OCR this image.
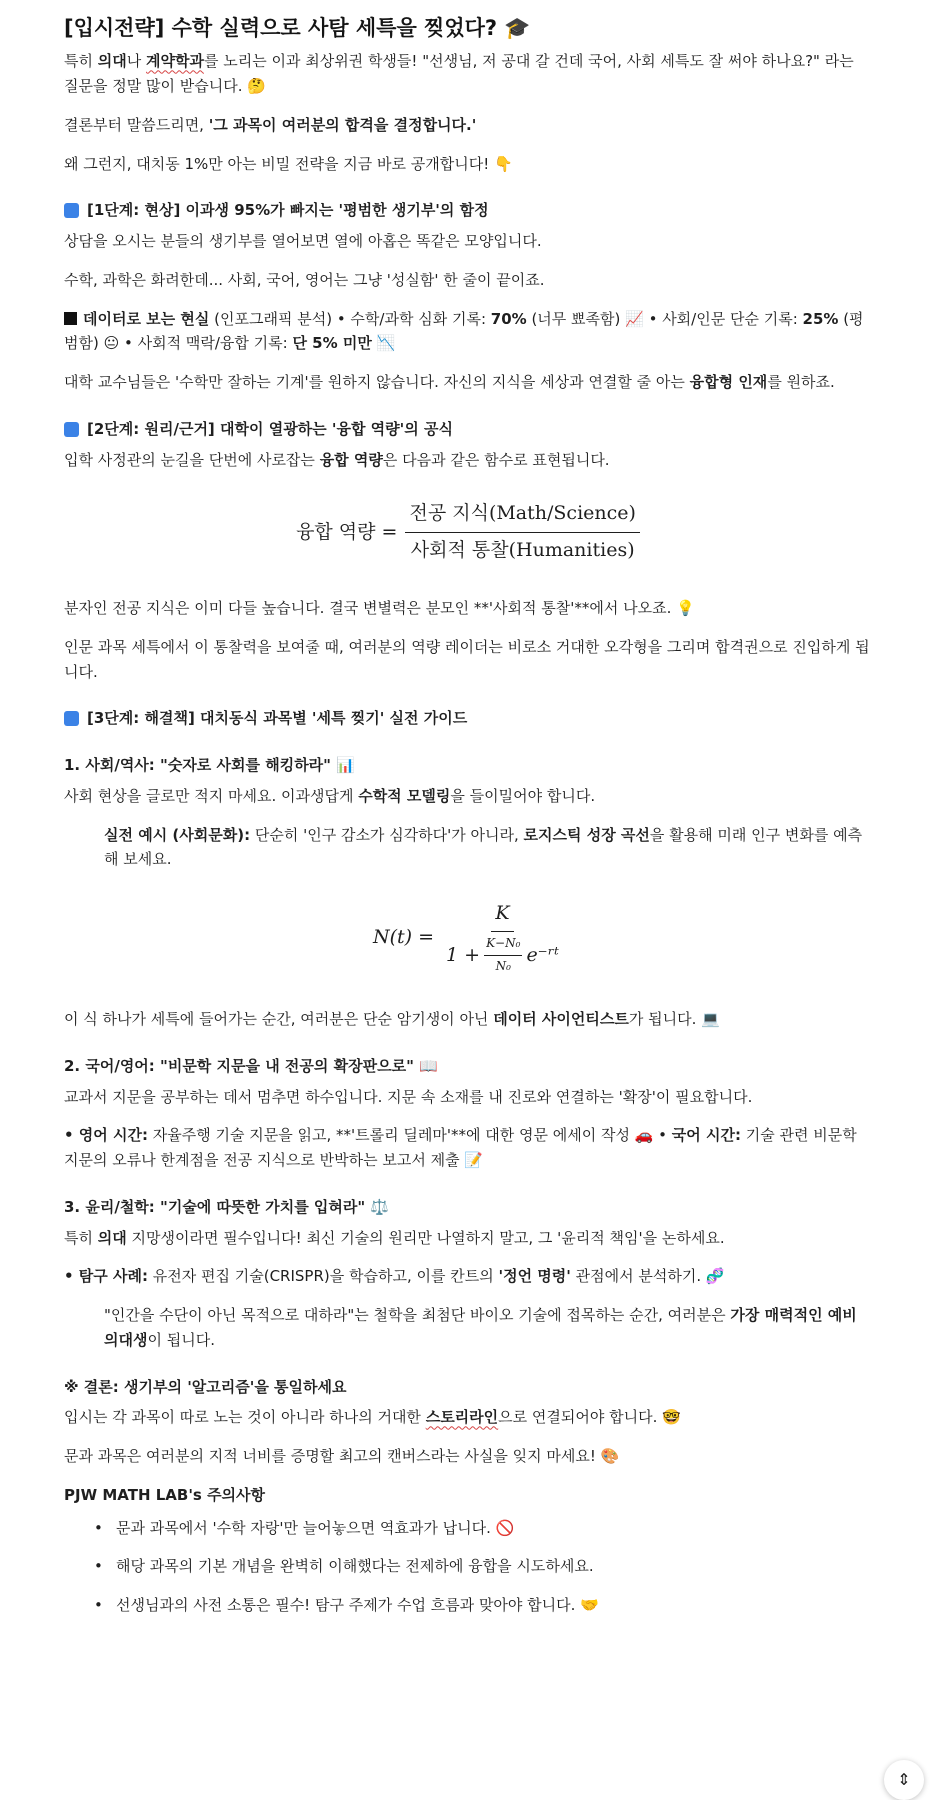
[입시전략] 수학 실력으로 사탐 세특을 찢었다? 🎓

특히 의대나 계약학과를 노리는 이과 최상위권 학생들! "선생님, 저 공대 갈 건데 국어, 사회 세특도 잘 써야 하나요?" 라는 질문을 정말 많이 받습니다. 🤔

결론부터 말씀드리면, '그 과목이 여러분의 합격을 결정합니다.'

왜 그런지, 대치동 1%만 아는 비밀 전략을 지금 바로 공개합니다! 👇

[1단계: 현상] 이과생 95%가 빠지는 '평범한 생기부'의 함정

상담을 오시는 분들의 생기부를 열어보면 열에 아홉은 똑같은 모양입니다.

수학, 과학은 화려한데... 사회, 국어, 영어는 그냥 '성실함' 한 줄이 끝이죠.

데이터로 보는 현실 (인포그래픽 분석) • 수학/과학 심화 기록: 70% (너무 뾰족함) 📈 • 사회/인문 단순 기록: 25% (평범함) 😐 • 사회적 맥락/융합 기록: 단 5% 미만 📉

대학 교수님들은 '수학만 잘하는 기계'를 원하지 않습니다. 자신의 지식을 세상과 연결할 줄 아는 융합형 인재를 원하죠.

[2단계: 원리/근거] 대학이 열광하는 '융합 역량'의 공식

입학 사정관의 눈길을 단번에 사로잡는 융합 역량은 다음과 같은 함수로 표현됩니다.

융합 역량 = $\frac{\text{전공 지식(Math/Science)}}{\text{사회적 통찰(Humanities)}}$

분자인 전공 지식은 이미 다들 높습니다. 결국 변별력은 분모인 **'사회적 통찰'**에서 나오죠. 💡

인문 과목 세특에서 이 통찰력을 보여줄 때, 여러분의 역량 레이더는 비로소 거대한 오각형을 그리며 합격권으로 진입하게 됩니다.

[3단계: 해결책] 대치동식 과목별 '세특 찢기' 실전 가이드
1. 사회/역사: "숫자로 사회를 해킹하라" 📊

사회 현상을 글로만 적지 마세요. 이과생답게 수학적 모델링을 들이밀어야 합니다.

실전 예시 (사회문화): 단순히 '인구 감소가 심각하다'가 아니라, 로지스틱 성장 곡선을 활용해 미래 인구 변화를 예측해 보세요.

N(t) =
K
$1 + \frac{\text{K−N₀}}{\text{N₀}}$ e⁻ʳᵗ

이 식 하나가 세특에 들어가는 순간, 여러분은 단순 암기생이 아닌 데이터 사이언티스트가 됩니다. 💻

2. 국어/영어: "비문학 지문을 내 전공의 확장판으로" 📖

교과서 지문을 공부하는 데서 멈추면 하수입니다. 지문 속 소재를 내 진로와 연결하는 '확장'이 필요합니다.

• 영어 시간: 자율주행 기술 지문을 읽고, **'트롤리 딜레마'**에 대한 영문 에세이 작성 🚗 • 국어 시간: 기술 관련 비문학 지문의 오류나 한계점을 전공 지식으로 반박하는 보고서 제출 📝

3. 윤리/철학: "기술에 따뜻한 가치를 입혀라" ⚖️

특히 의대 지망생이라면 필수입니다! 최신 기술의 원리만 나열하지 말고, 그 '윤리적 책임'을 논하세요.

• 탐구 사례: 유전자 편집 기술(CRISPR)을 학습하고, 이를 칸트의 '정언 명령' 관점에서 분석하기. 🧬

"인간을 수단이 아닌 목적으로 대하라"는 철학을 최첨단 바이오 기술에 접목하는 순간, 여러분은 가장 매력적인 예비 의대생이 됩니다.

※ 결론: 생기부의 '알고리즘'을 통일하세요

입시는 각 과목이 따로 노는 것이 아니라 하나의 거대한 스토리라인으로 연결되어야 합니다. 🤓

문과 과목은 여러분의 지적 너비를 증명할 최고의 캔버스라는 사실을 잊지 마세요! 🎨

PJW MATH LAB's 주의사항
• 문과 과목에서 '수학 자랑'만 늘어놓으면 역효과가 납니다. 🚫
• 해당 과목의 기본 개념을 완벽히 이해했다는 전제하에 융합을 시도하세요.
• 선생님과의 사전 소통은 필수! 탐구 주제가 수업 흐름과 맞아야 합니다. 🤝
⇕
